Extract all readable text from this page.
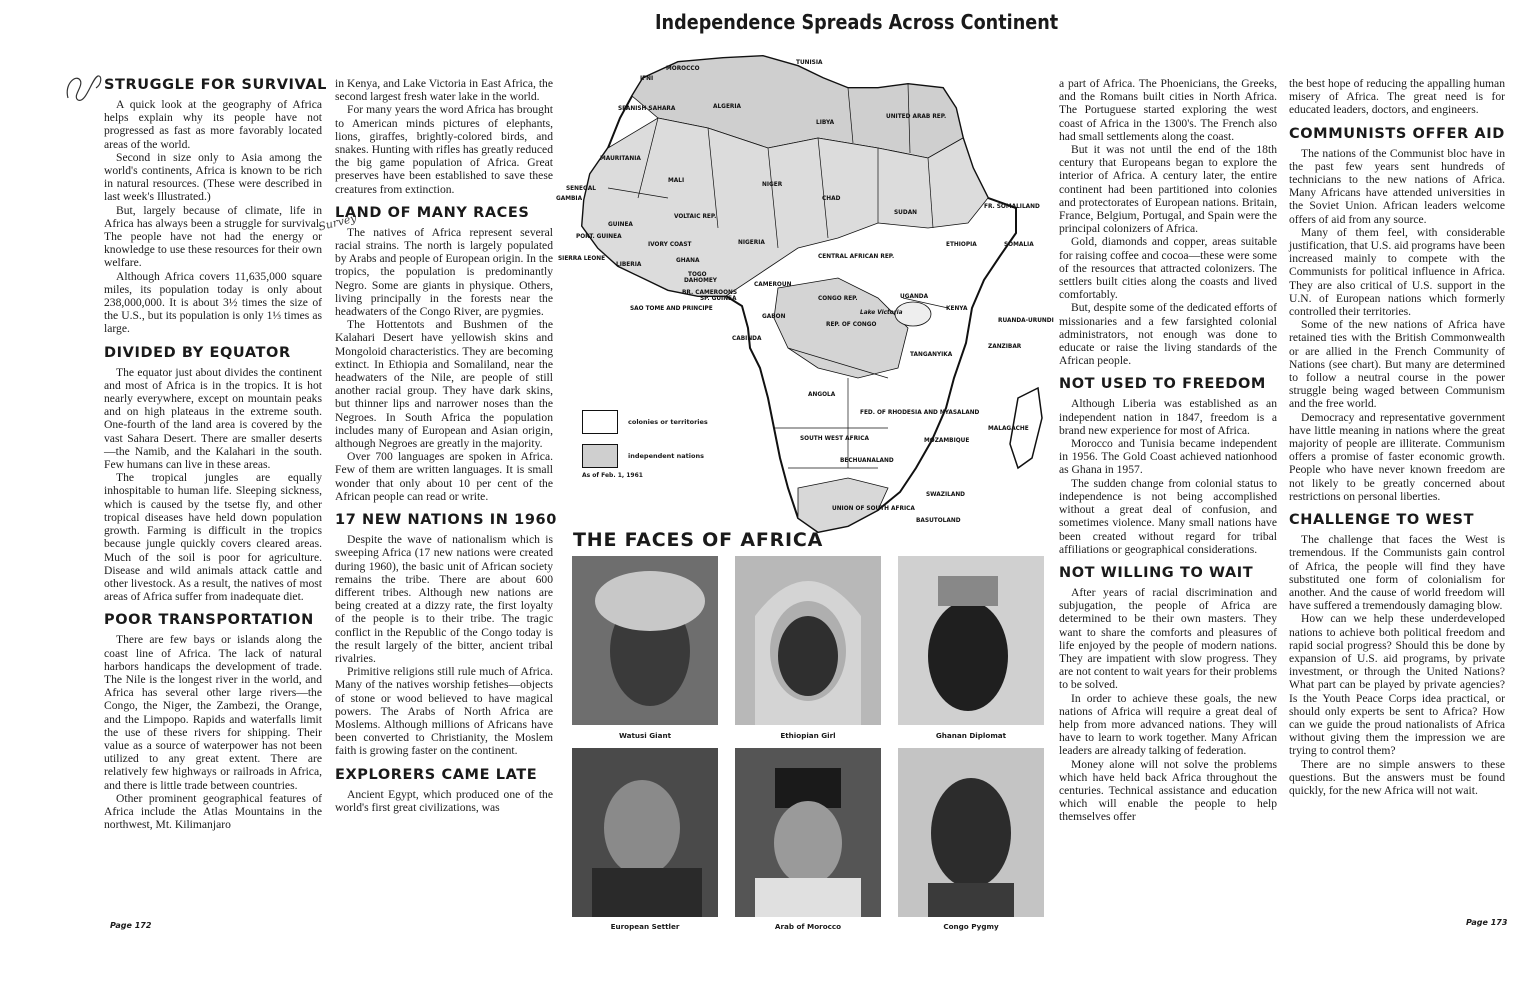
Independence Spreads Across Continent
Survey
STRUGGLE FOR SURVIVAL

A quick look at the geography of Africa helps explain why its people have not progressed as fast as more favorably located areas of the world.

Second in size only to Asia among the world's continents, Africa is known to be rich in natural resources. (These were described in last week's Illustrated.)

But, largely because of climate, life in Africa has always been a struggle for survival. The people have not had the energy or knowledge to use these resources for their own welfare.

Although Africa covers 11,635,000 square miles, its population today is only about 238,000,000. It is about 3½ times the size of the U.S., but its population is only 1⅓ times as large.

DIVIDED BY EQUATOR

The equator just about divides the continent and most of Africa is in the tropics. It is hot nearly everywhere, except on mountain peaks and on high plateaus in the extreme south. One-fourth of the land area is covered by the vast Sahara Desert. There are smaller deserts—the Namib, and the Kalahari in the south. Few humans can live in these areas.

The tropical jungles are equally inhospitable to human life. Sleeping sickness, which is caused by the tsetse fly, and other tropical diseases have held down population growth. Farming is difficult in the tropics because jungle quickly covers cleared areas. Much of the soil is poor for agriculture. Disease and wild animals attack cattle and other livestock. As a result, the natives of most areas of Africa suffer from inadequate diet.

POOR TRANSPORTATION

There are few bays or islands along the coast line of Africa. The lack of natural harbors handicaps the development of trade. The Nile is the longest river in the world, and Africa has several other large rivers—the Congo, the Niger, the Zambezi, the Orange, and the Limpopo. Rapids and waterfalls limit the use of these rivers for shipping. Their value as a source of waterpower has not been utilized to any great extent. There are relatively few highways or railroads in Africa, and there is little trade between countries.

Other prominent geographical features of Africa include the Atlas Mountains in the northwest, Mt. Kilimanjaro

Page 172

in Kenya, and Lake Victoria in East Africa, the second largest fresh water lake in the world.

For many years the word Africa has brought to American minds pictures of elephants, lions, giraffes, brightly-colored birds, and snakes. Hunting with rifles has greatly reduced the big game population of Africa. Great preserves have been established to save these creatures from extinction.

LAND OF MANY RACES

The natives of Africa represent several racial strains. The north is largely populated by Arabs and people of European origin. In the tropics, the population is predominantly Negro. Some are giants in physique. Others, living principally in the forests near the headwaters of the Congo River, are pygmies.

The Hottentots and Bushmen of the Kalahari Desert have yellowish skins and Mongoloid characteristics. They are becoming extinct. In Ethiopia and Somaliland, near the headwaters of the Nile, are people of still another racial group. They have dark skins, but thinner lips and narrower noses than the Negroes. In South Africa the population includes many of European and Asian origin, although Negroes are greatly in the majority.

Over 700 languages are spoken in Africa. Few of them are written languages. It is small wonder that only about 10 per cent of the African people can read or write.

17 NEW NATIONS IN 1960

Despite the wave of nationalism which is sweeping Africa (17 new nations were created during 1960), the basic unit of African society remains the tribe. There are about 600 different tribes. Although new nations are being created at a dizzy rate, the first loyalty of the people is to their tribe. The tragic conflict in the Republic of the Congo today is the result largely of the bitter, ancient tribal rivalries.

Primitive religions still rule much of Africa. Many of the natives worship fetishes—objects of stone or wood believed to have magical powers. The Arabs of North Africa are Moslems. Although millions of Africans have been converted to Christianity, the Moslem faith is growing faster on the continent.

EXPLORERS CAME LATE

Ancient Egypt, which produced one of the world's first great civilizations, was

TUNISIA
MOROCCO
IFNI
SPANISH SAHARA	ALGERIA
LIBYA
UNITED ARAB REP.
MAURITANIA
MALI
NIGER
CHAD
SUDAN
SENEGAL
GAMBIA
VOLTAIC REP.
GUINEA
PORT. GUINEA
SIERRA LEONE
LIBERIA
IVORY COAST
GHANA
TOGO
DAHOMEY
NIGERIA
CENTRAL AFRICAN REP.
ETHIOPIA
FR. SOMALILAND
SOMALIA
BR. CAMEROONS
SP. GUINEA
CAMEROUN
CONGO REP.
GABON
SAO TOME AND PRINCIPE
CABINDA
Lake Victoria
REP. OF CONGO
UGANDA
KENYA
RUANDA-URUNDI
ZANZIBAR
TANGANYIKA
ANGOLA
FED. OF RHODESIA AND NYASALAND
MOZAMBIQUE
MALAGACHE
SOUTH WEST AFRICA
BECHUANALAND
SWAZILAND
UNION OF SOUTH AFRICA
BASUTOLAND
colonies or territories
independent nations
As of Feb. 1, 1961
THE FACES OF AFRICA
Watusi Giant	Ethiopian Girl	Ghanan Diplomat
European Settler	Arab of Morocco	Congo Pygmy

a part of Africa. The Phoenicians, the Greeks, and the Romans built cities in North Africa. The Portuguese started exploring the west coast of Africa in the 1300's. The French also had small settlements along the coast.

But it was not until the end of the 18th century that Europeans began to explore the interior of Africa. A century later, the entire continent had been partitioned into colonies and protectorates of European nations. Britain, France, Belgium, Portugal, and Spain were the principal colonizers of Africa.

Gold, diamonds and copper, areas suitable for raising coffee and cocoa—these were some of the resources that attracted colonizers. The settlers built cities along the coasts and lived comfortably.

But, despite some of the dedicated efforts of missionaries and a few farsighted colonial administrators, not enough was done to educate or raise the living standards of the African people.

NOT USED TO FREEDOM

Although Liberia was established as an independent nation in 1847, freedom is a brand new experience for most of Africa.

Morocco and Tunisia became independent in 1956. The Gold Coast achieved nationhood as Ghana in 1957.

The sudden change from colonial status to independence is not being accomplished without a great deal of confusion, and sometimes violence. Many small nations have been created without regard for tribal affiliations or geographical considerations.

NOT WILLING TO WAIT

After years of racial discrimination and subjugation, the people of Africa are determined to be their own masters. They want to share the comforts and pleasures of life enjoyed by the people of modern nations. They are impatient with slow progress. They are not content to wait years for their problems to be solved.

In order to achieve these goals, the new nations of Africa will require a great deal of help from more advanced nations. They will have to learn to work together. Many African leaders are already talking of federation.

Money alone will not solve the problems which have held back Africa throughout the centuries. Technical assistance and education which will enable the people to help themselves offer

the best hope of reducing the appalling human misery of Africa. The great need is for educated leaders, doctors, and engineers.

COMMUNISTS OFFER AID

The nations of the Communist bloc have in the past few years sent hundreds of technicians to the new nations of Africa. Many Africans have attended universities in the Soviet Union. African leaders welcome offers of aid from any source.

Many of them feel, with considerable justification, that U.S. aid programs have been increased mainly to compete with the Communists for political influence in Africa. They are also critical of U.S. support in the U.N. of European nations which formerly controlled their territories.

Some of the new nations of Africa have retained ties with the British Commonwealth or are allied in the French Community of Nations (see chart). But many are determined to follow a neutral course in the power struggle being waged between Communism and the free world.

Democracy and representative government have little meaning in nations where the great majority of people are illiterate. Communism offers a promise of faster economic growth. People who have never known freedom are not likely to be greatly concerned about restrictions on personal liberties.

CHALLENGE TO WEST

The challenge that faces the West is tremendous. If the Communists gain control of Africa, the people will find they have substituted one form of colonialism for another. And the cause of world freedom will have suffered a tremendously damaging blow.

How can we help these underdeveloped nations to achieve both political freedom and rapid social progress? Should this be done by expansion of U.S. aid programs, by private investment, or through the United Nations? What part can be played by private agencies? Is the Youth Peace Corps idea practical, or should only experts be sent to Africa? How can we guide the proud nationalists of Africa without giving them the impression we are trying to control them?

There are no simple answers to these questions. But the answers must be found quickly, for the new Africa will not wait.

Page 173
